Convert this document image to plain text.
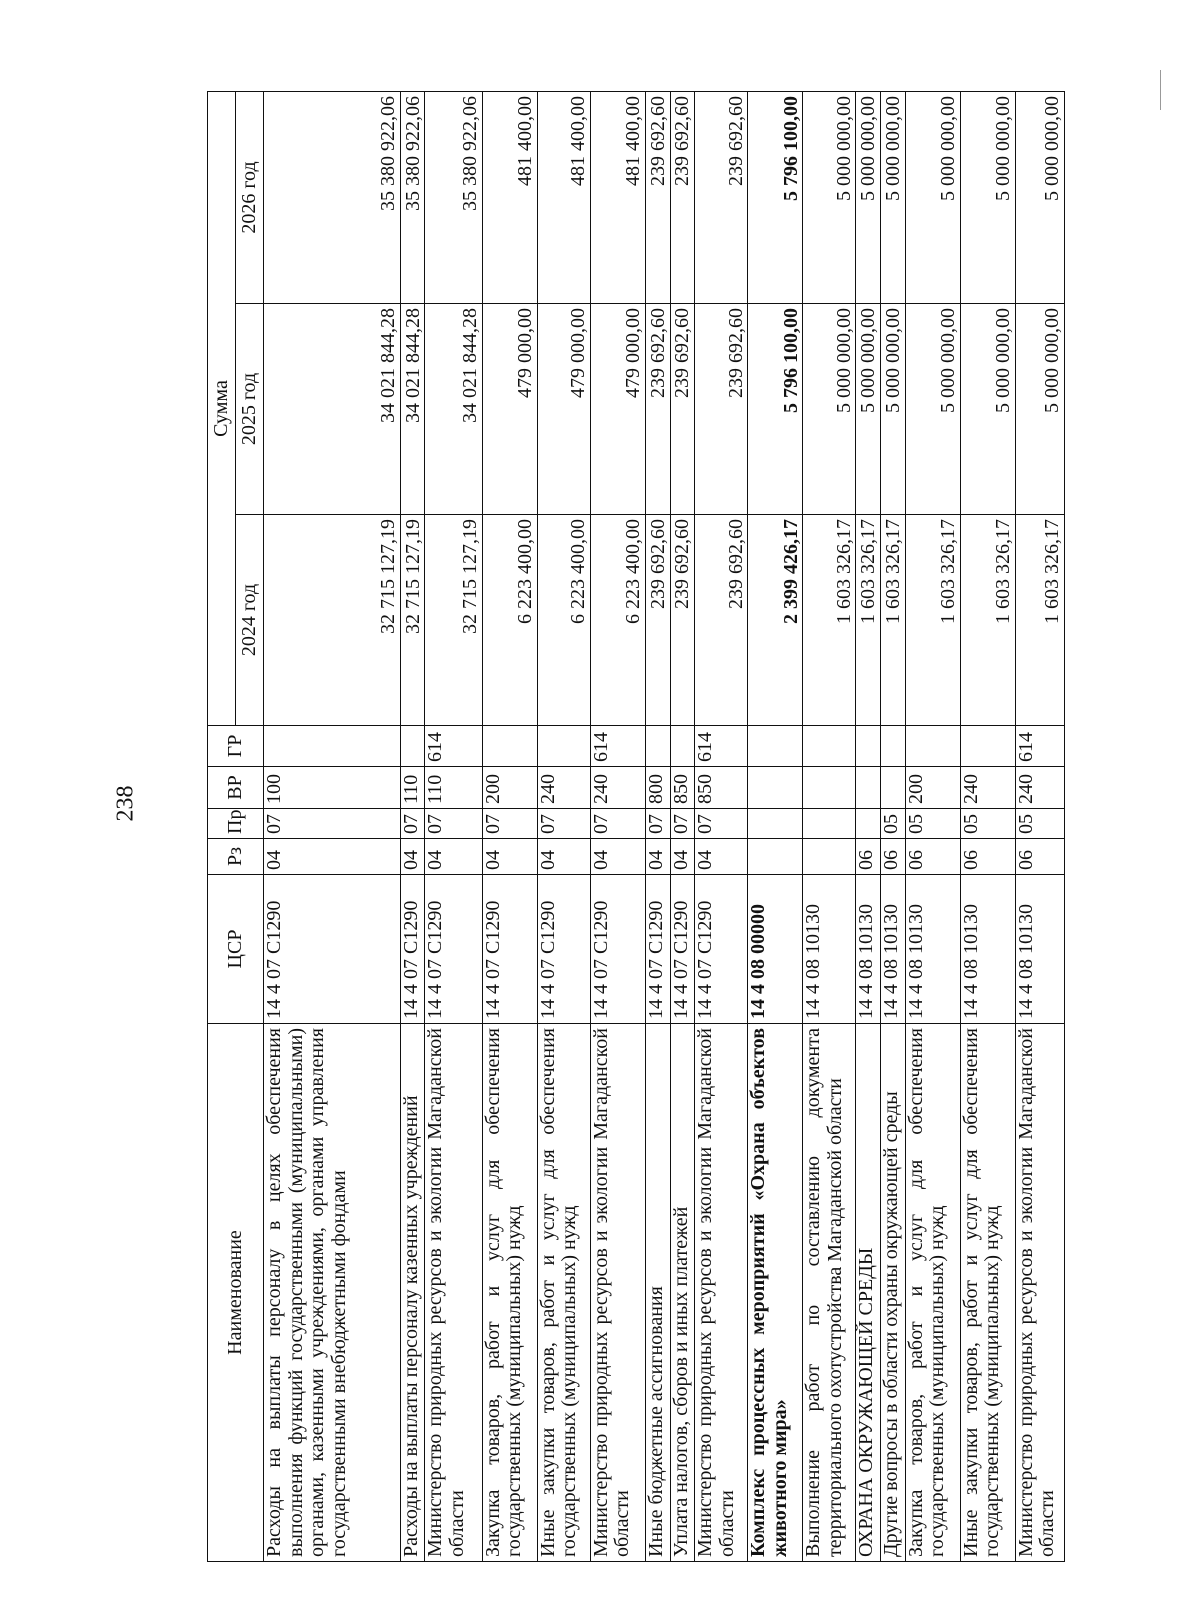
238
Наименование	ЦСР	Рз	Пр	ВР	ГР	Сумма		
						2024 год	2025 год	2026 год
Расходы на выплаты персоналу в целях обеспечения выполнения функций государственными (муниципальными) органами, казенными учреждениями, органами управления государственными внебюджетными фондами	14 4 07 С1290	04	07	100		32 715 127,19	34 021 844,28	35 380 922,06
Расходы на выплаты персоналу казенных учреждений	14 4 07 С1290	04	07	110		32 715 127,19	34 021 844,28	35 380 922,06
Министерство природных ресурсов и экологии Магаданской области	14 4 07 С1290	04	07	110	614	32 715 127,19	34 021 844,28	35 380 922,06
Закупка товаров, работ и услуг для обеспечения государственных (муниципальных) нужд	14 4 07 С1290	04	07	200		6 223 400,00	479 000,00	481 400,00
Иные закупки товаров, работ и услуг для обеспечения государственных (муниципальных) нужд	14 4 07 С1290	04	07	240		6 223 400,00	479 000,00	481 400,00
Министерство природных ресурсов и экологии Магаданской области	14 4 07 С1290	04	07	240	614	6 223 400,00	479 000,00	481 400,00
Иные бюджетные ассигнования	14 4 07 С1290	04	07	800		239 692,60	239 692,60	239 692,60
Уплата налогов, сборов и иных платежей	14 4 07 С1290	04	07	850		239 692,60	239 692,60	239 692,60
Министерство природных ресурсов и экологии Магаданской области	14 4 07 С1290	04	07	850	614	239 692,60	239 692,60	239 692,60
Комплекс процессных мероприятий «Охрана объектов животного мира»	14 4 08 00000					2 399 426,17	5 796 100,00	5 796 100,00
Выполнение работ по составлению документа территориального охотустройства Магаданской области	14 4 08 10130					1 603 326,17	5 000 000,00	5 000 000,00
ОХРАНА ОКРУЖАЮЩЕЙ СРЕДЫ	14 4 08 10130	06				1 603 326,17	5 000 000,00	5 000 000,00
Другие вопросы в области охраны окружающей среды	14 4 08 10130	06	05			1 603 326,17	5 000 000,00	5 000 000,00
Закупка товаров, работ и услуг для обеспечения государственных (муниципальных) нужд	14 4 08 10130	06	05	200		1 603 326,17	5 000 000,00	5 000 000,00
Иные закупки товаров, работ и услуг для обеспечения государственных (муниципальных) нужд	14 4 08 10130	06	05	240		1 603 326,17	5 000 000,00	5 000 000,00
Министерство природных ресурсов и экологии Магаданской области	14 4 08 10130	06	05	240	614	1 603 326,17	5 000 000,00	5 000 000,00
